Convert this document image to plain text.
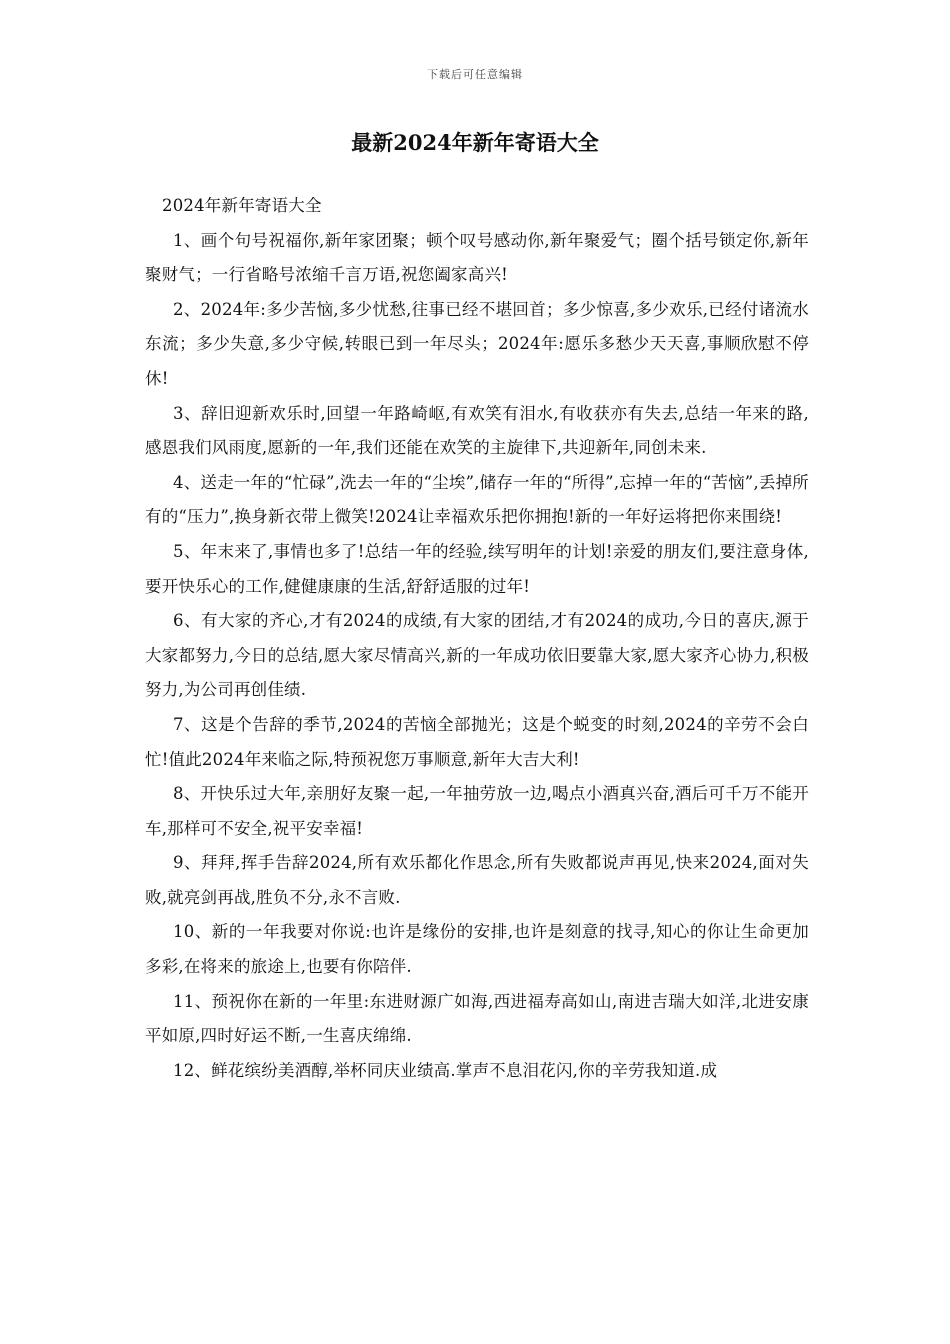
下载后可任意编辑
最新2024年新年寄语大全

2024年新年寄语大全

1、画个句号祝福你,新年家团聚；顿个叹号感动你,新年聚爱气；圈个括号锁定你,新年聚财气；一行省略号浓缩千言万语,祝您阖家高兴!

2、2024年:多少苦恼,多少忧愁,往事已经不堪回首；多少惊喜,多少欢乐,已经付诸流水东流；多少失意,多少守候,转眼已到一年尽头；2024年:愿乐多愁少天天喜,事顺欣慰不停休!

3、辞旧迎新欢乐时,回望一年路崎岖,有欢笑有泪水,有收获亦有失去,总结一年来的路,感恩我们风雨度,愿新的一年,我们还能在欢笑的主旋律下,共迎新年,同创未来.

4、送走一年的“忙碌”,洗去一年的“尘埃”,储存一年的“所得”,忘掉一年的“苦恼”,丢掉所有的“压力”,换身新衣带上微笑!2024让幸福欢乐把你拥抱!新的一年好运将把你来围绕!

5、年末来了,事情也多了!总结一年的经验,续写明年的计划!亲爱的朋友们,要注意身体,要开快乐心的工作,健健康康的生活,舒舒适服的过年!

6、有大家的齐心,才有2024的成绩,有大家的团结,才有2024的成功,今日的喜庆,源于大家都努力,今日的总结,愿大家尽情高兴,新的一年成功依旧要靠大家,愿大家齐心协力,积极努力,为公司再创佳绩.

7、这是个告辞的季节,2024的苦恼全部抛光；这是个蜕变的时刻,2024的辛劳不会白忙!值此2024年来临之际,特预祝您万事顺意,新年大吉大利!

8、开快乐过大年,亲朋好友聚一起,一年抽劳放一边,喝点小酒真兴奋,酒后可千万不能开车,那样可不安全,祝平安幸福!

9、拜拜,挥手告辞2024,所有欢乐都化作思念,所有失败都说声再见,快来2024,面对失败,就亮剑再战,胜负不分,永不言败.

10、新的一年我要对你说:也许是缘份的安排,也许是刻意的找寻,知心的你让生命更加多彩,在将来的旅途上,也要有你陪伴.

11、预祝你在新的一年里:东进财源广如海,西进福寿高如山,南进吉瑞大如洋,北进安康平如原,四时好运不断,一生喜庆绵绵.

12、鲜花缤纷美酒醇,举杯同庆业绩高.掌声不息泪花闪,你的辛劳我知道.成
